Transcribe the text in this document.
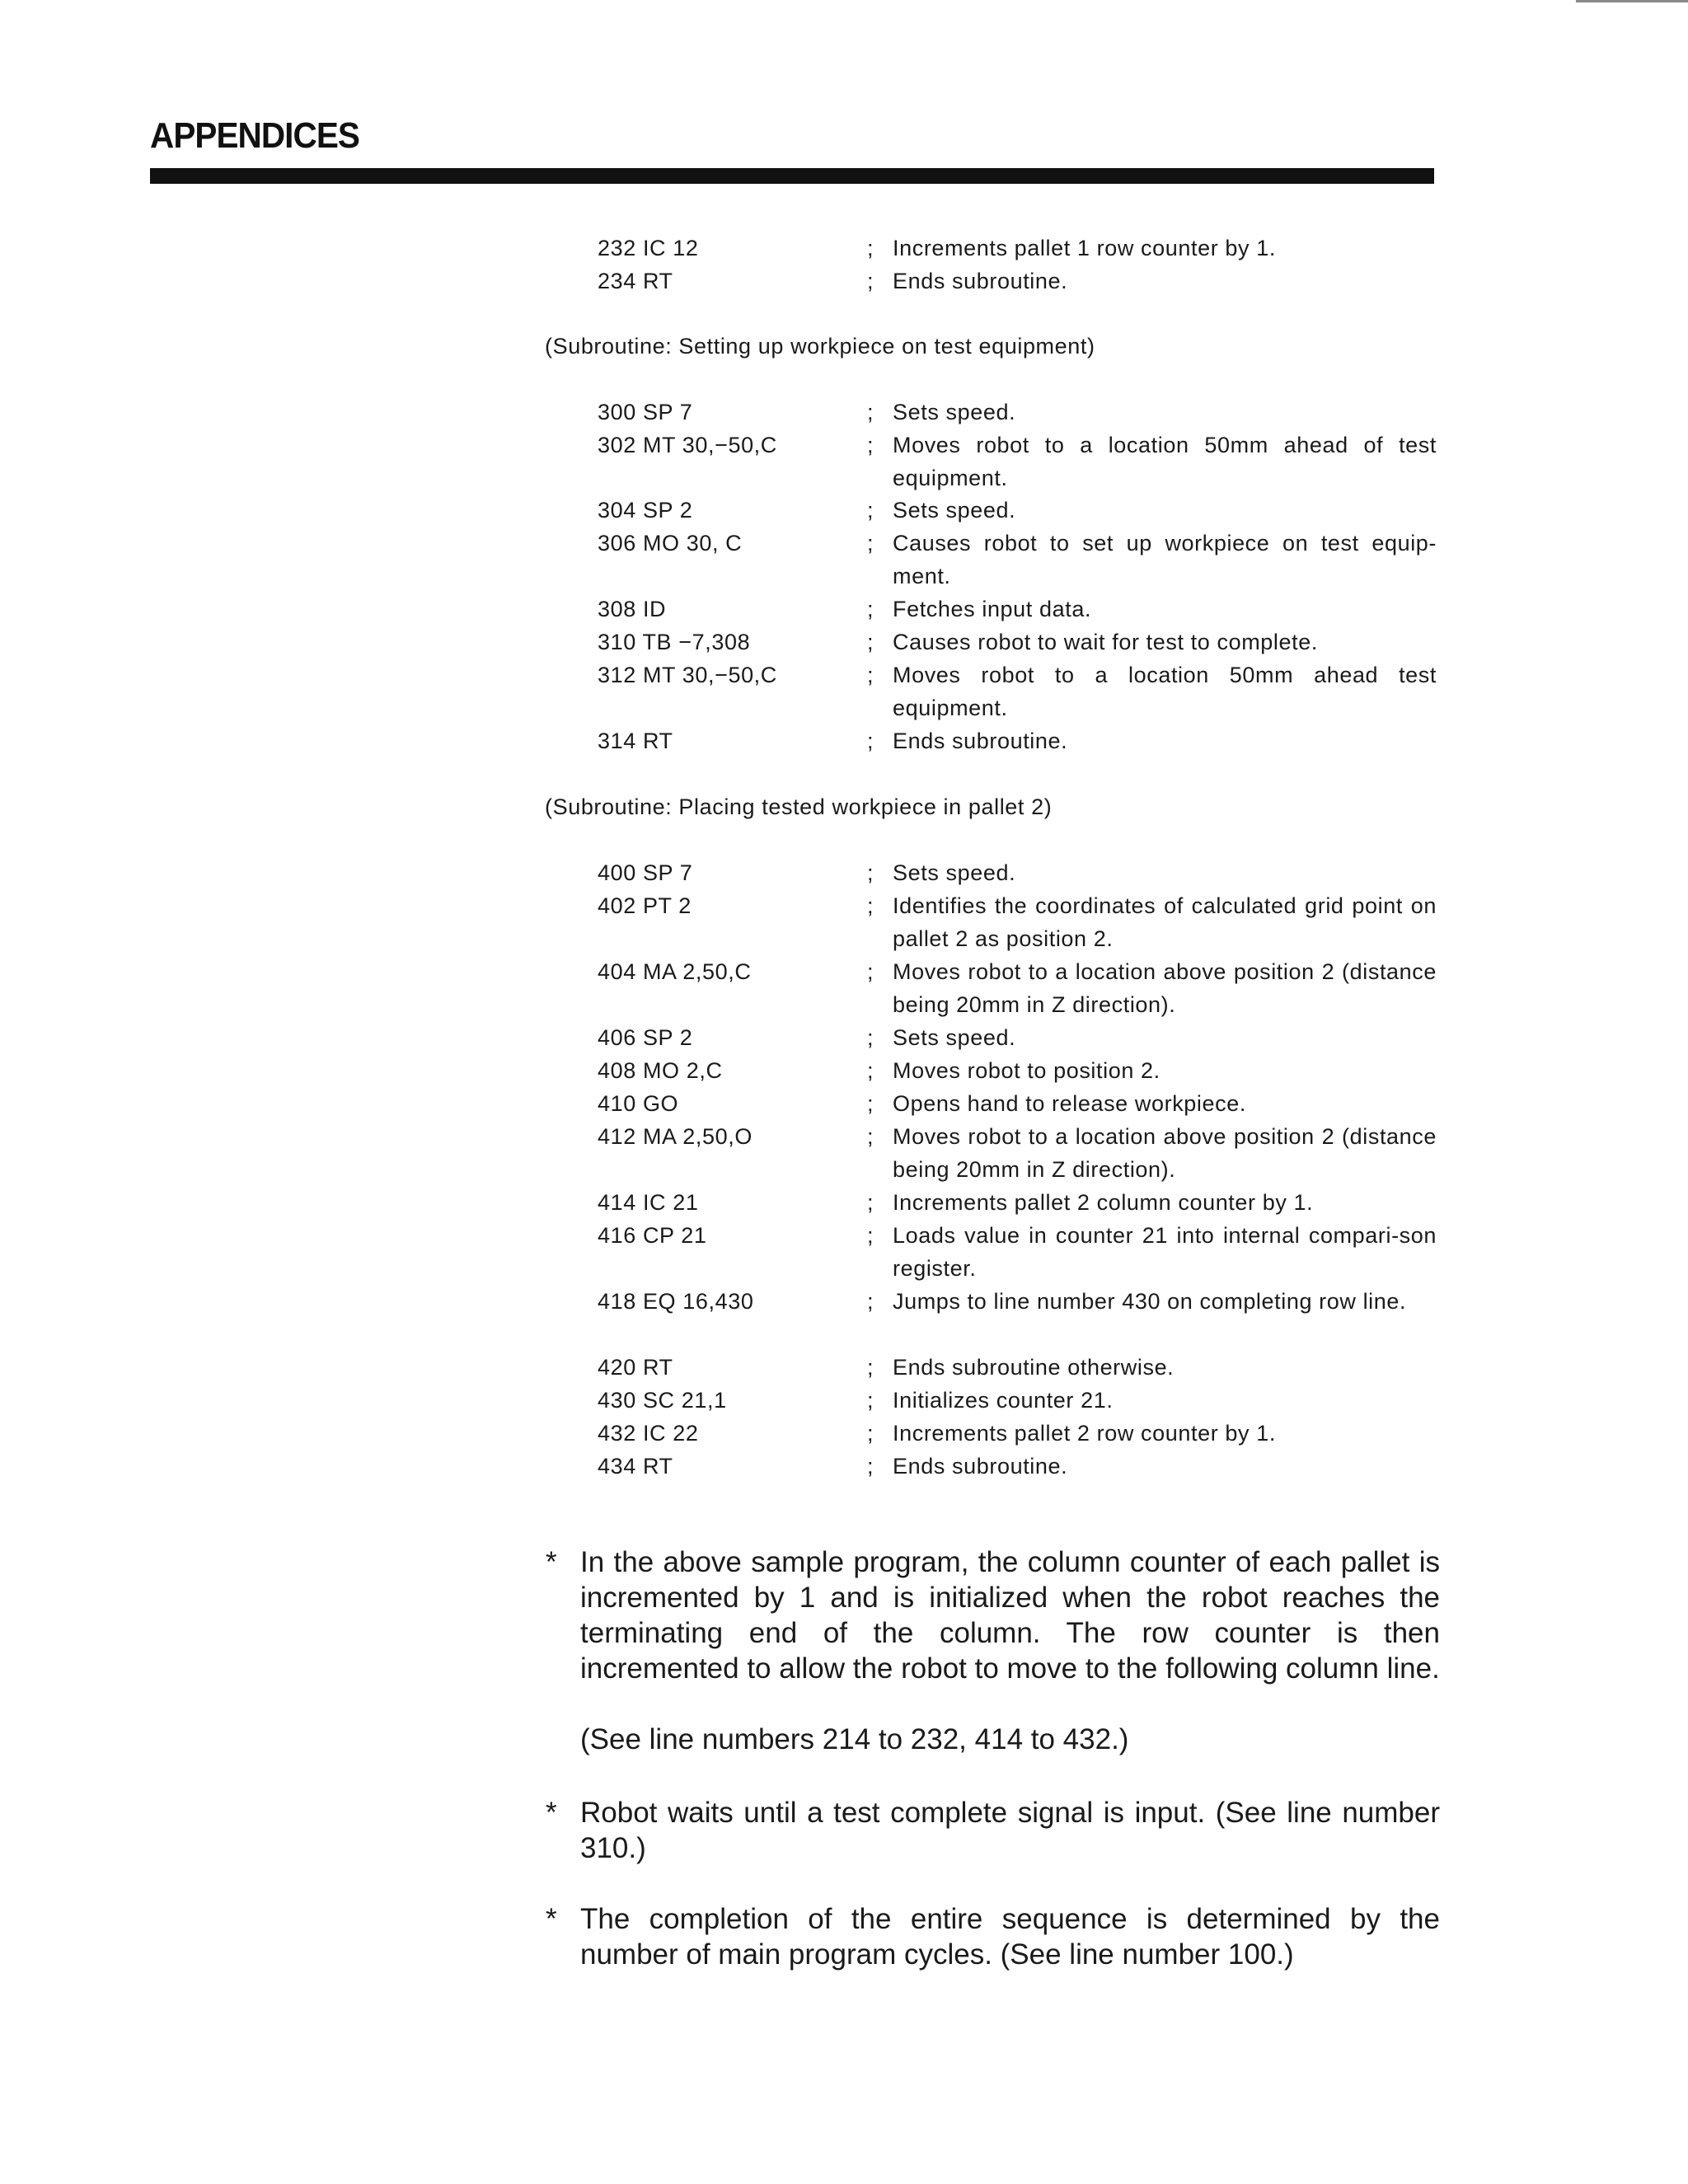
APPENDICES
232 IC 12	; Increments pallet 1 row counter by 1.
234 RT	; Ends subroutine.
(Subroutine: Setting up workpiece on test equipment)
300 SP 7	; Sets speed.
302 MT 30,−50,C	; Moves robot to a location 50mm ahead of test equipment.
304 SP 2	; Sets speed.
306 MO 30, C	; Causes robot to set up workpiece on test equip-ment.
308 ID	; Fetches input data.
310 TB −7,308	; Causes robot to wait for test to complete.
312 MT 30,−50,C	; Moves robot to a location 50mm ahead test equipment.
314 RT	; Ends subroutine.
(Subroutine: Placing tested workpiece in pallet 2)
400 SP 7	; Sets speed.
402 PT 2	; Identifies the coordinates of calculated grid point on pallet 2 as position 2.
404 MA 2,50,C	; Moves robot to a location above position 2 (distance being 20mm in Z direction).
406 SP 2	; Sets speed.
408 MO 2,C	; Moves robot to position 2.
410 GO	; Opens hand to release workpiece.
412 MA 2,50,O	; Moves robot to a location above position 2 (distance being 20mm in Z direction).
414 IC 21	; Increments pallet 2 column counter by 1.
416 CP 21	; Loads value in counter 21 into internal compari-son register.
418 EQ 16,430	; Jumps to line number 430 on completing row line.
420 RT	; Ends subroutine otherwise.
430 SC 21,1	; Initializes counter 21.
432 IC 22	; Increments pallet 2 row counter by 1.
434 RT	; Ends subroutine.
* In the above sample program, the column counter of each pallet is incremented by 1 and is initialized when the robot reaches the terminating end of the column. The row counter is then incremented to allow the robot to move to the following column line.
(See line numbers 214 to 232, 414 to 432.)
* Robot waits until a test complete signal is input. (See line number 310.)
* The completion of the entire sequence is determined by the number of main program cycles. (See line number 100.)
